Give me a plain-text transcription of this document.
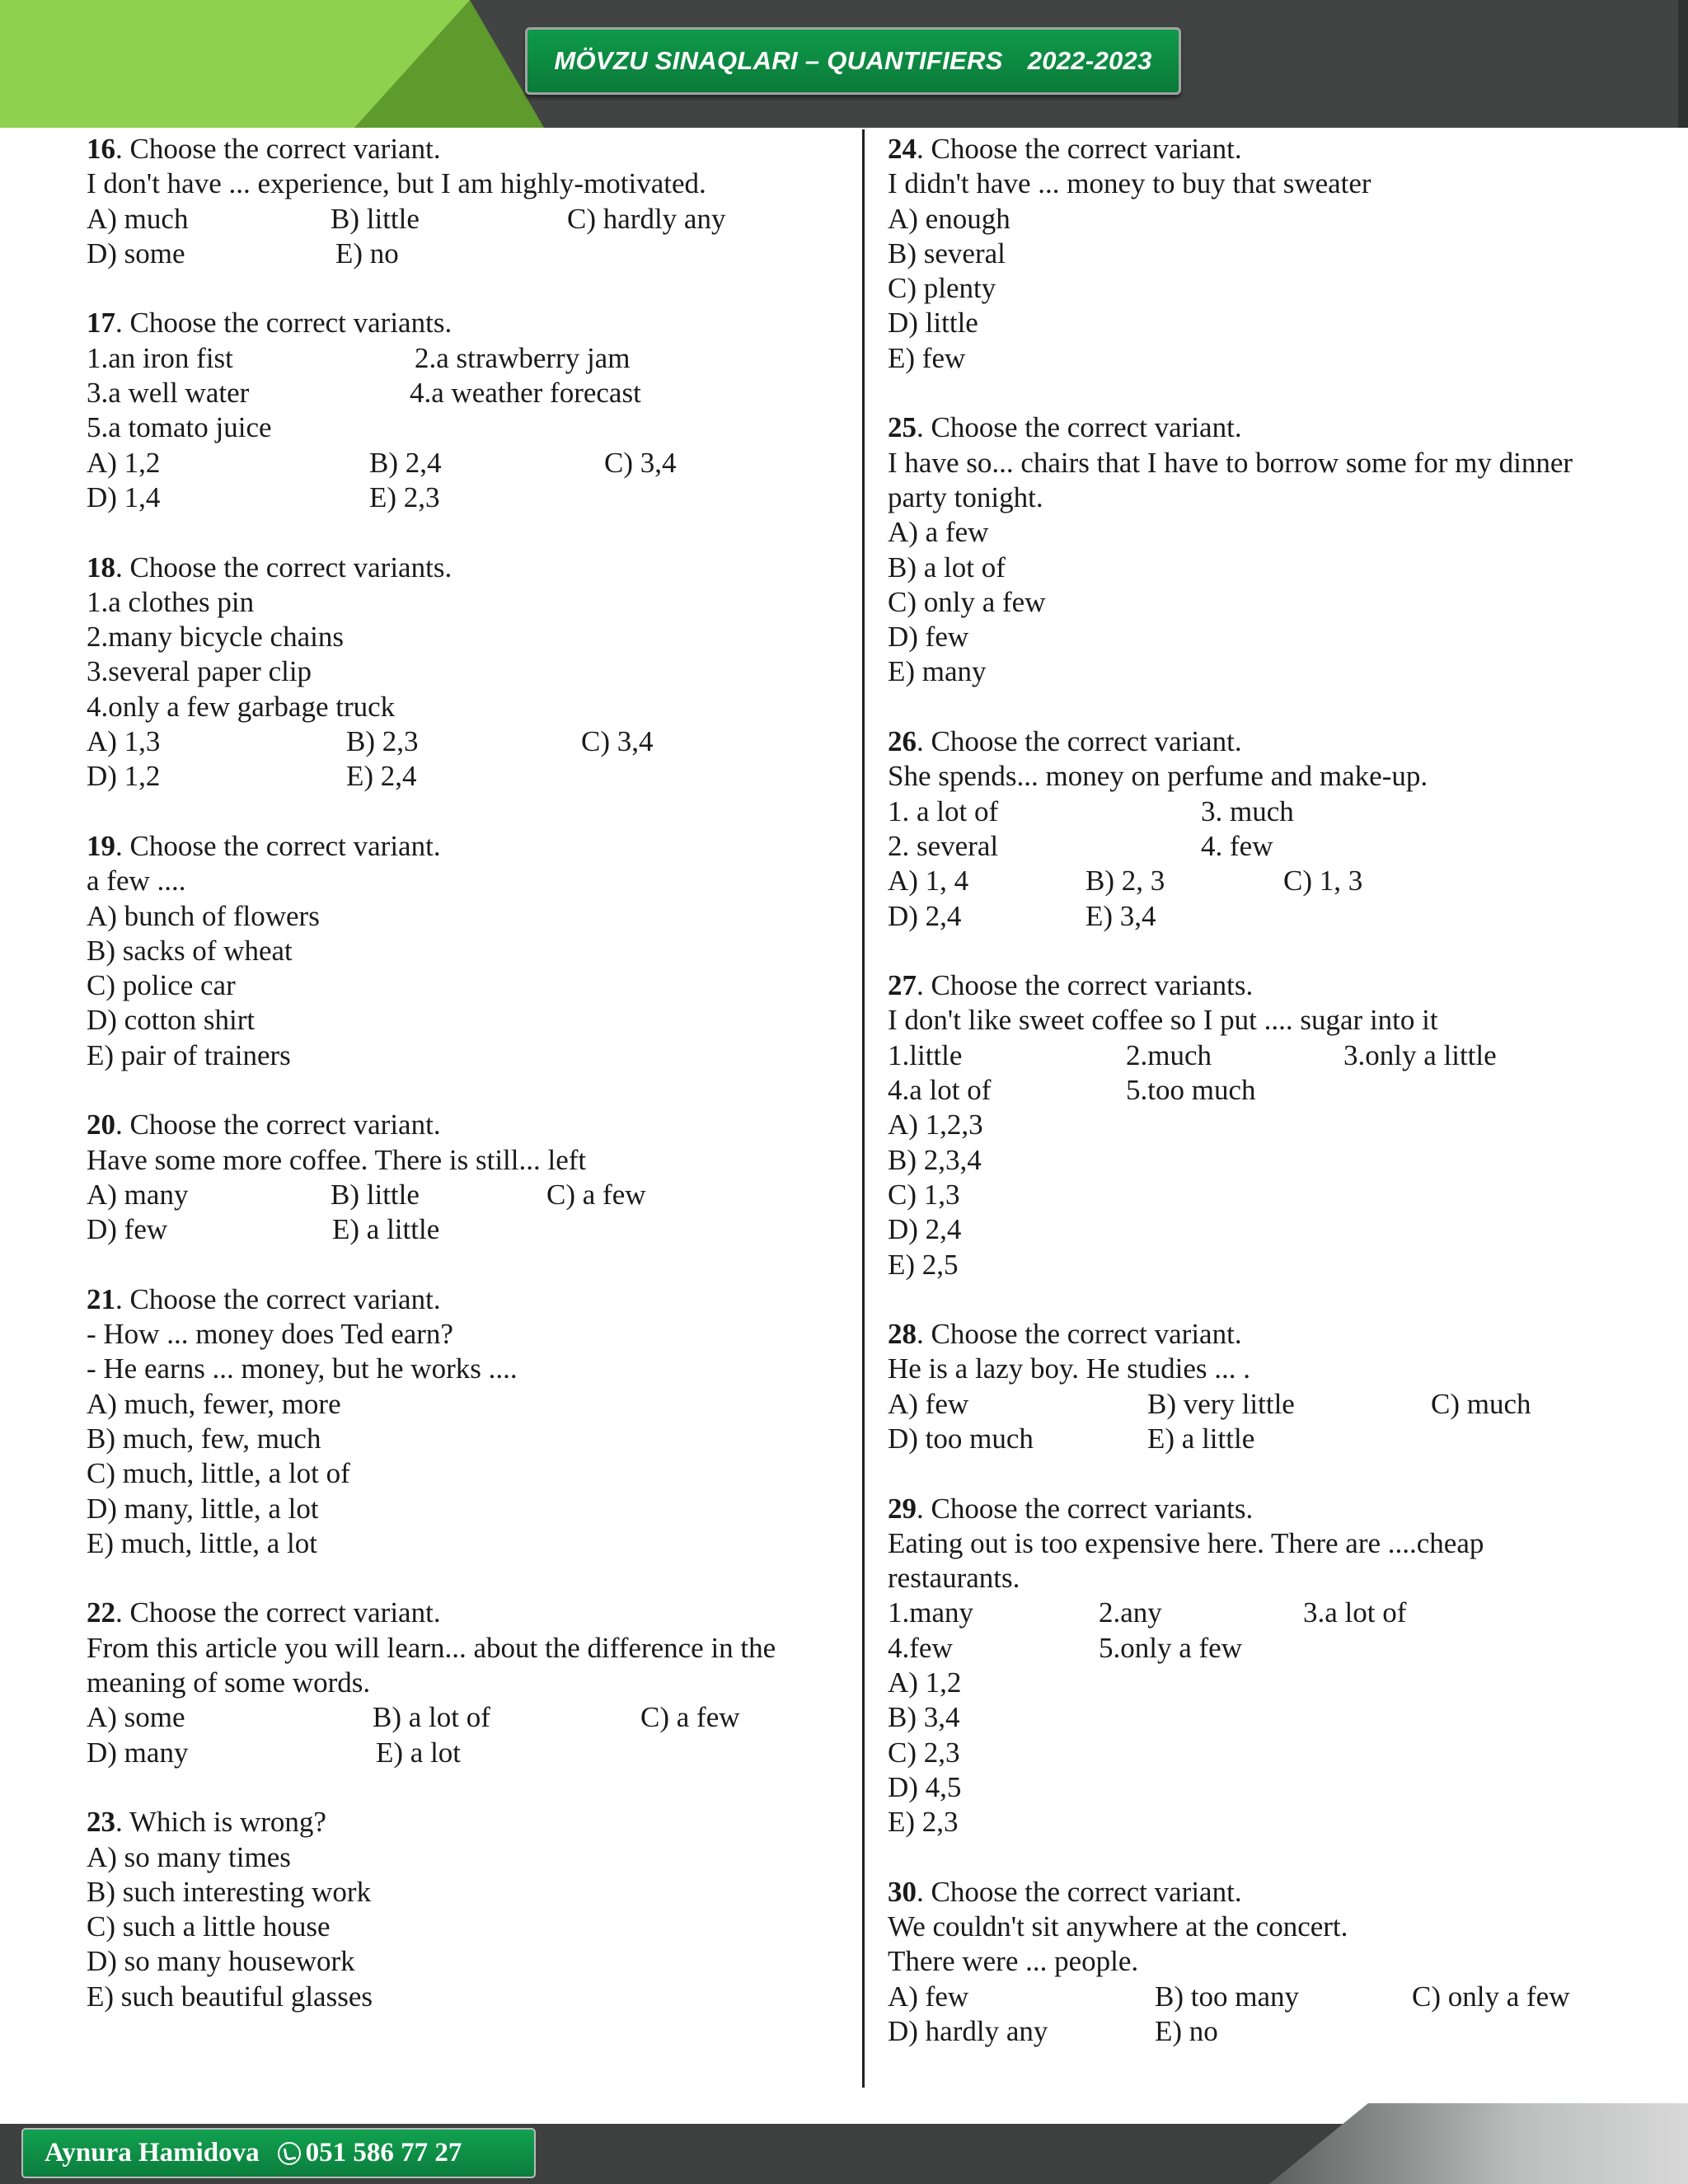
MÖVZU SINAQLARI – QUANTIFIERS 2022-2023
16. Choose the correct variant.
I don't have ... experience, but I am highly-motivated.
A) much	B) little	C) hardly any
D) some	E) no
17. Choose the correct variants.
1.an iron fist	2.a strawberry jam
3.a well water	4.a weather forecast
5.a tomato juice
A) 1,2	B) 2,4	C) 3,4
D) 1,4	E) 2,3
18. Choose the correct variants.
1.a clothes pin
2.many bicycle chains
3.several paper clip
4.only a few garbage truck
A) 1,3	B) 2,3	C) 3,4
D) 1,2	E) 2,4
19. Choose the correct variant.
a few ....
A) bunch of flowers
B) sacks of wheat
C) police car
D) cotton shirt
E) pair of trainers
20. Choose the correct variant.
Have some more coffee. There is still... left
A) many	B) little	C) a few
D) few	E) a little
21. Choose the correct variant.
- How ... money does Ted earn?
- He earns ... money, but he works ....
A) much, fewer, more
B) much, few, much
C) much, little, a lot of
D) many, little, a lot
E) much, little, a lot
22. Choose the correct variant.
From this article you will learn... about the difference in the meaning of some words.
A) some	B) a lot of	C) a few
D) many	E) a lot
23. Which is wrong?
A) so many times
B) such interesting work
C) such a little house
D) so many housework
E) such beautiful glasses
24. Choose the correct variant.
I didn't have ... money to buy that sweater
A) enough
B) several
C) plenty
D) little
E) few
25. Choose the correct variant.
I have so... chairs that I have to borrow some for my dinner party tonight.
A) a few
B) a lot of
C) only a few
D) few
E) many
26. Choose the correct variant.
She spends... money on perfume and make-up.
1. a lot of	3. much
2. several	4. few
A) 1, 4	B) 2, 3	C) 1, 3
D) 2,4	E) 3,4
27. Choose the correct variants.
I don't like sweet coffee so I put .... sugar into it
1.little	2.much	3.only a little
4.a lot of	5.too much
A) 1,2,3
B) 2,3,4
C) 1,3
D) 2,4
E) 2,5
28. Choose the correct variant.
He is a lazy boy. He studies ... .
A) few	B) very little	C) much
D) too much	E) a little
29. Choose the correct variants.
Eating out is too expensive here. There are ....cheap restaurants.
1.many	2.any	3.a lot of
4.few	5.only a few
A) 1,2
B) 3,4
C) 2,3
D) 4,5
E) 2,3
30. Choose the correct variant.
We couldn't sit anywhere at the concert.
There were ... people.
A) few	B) too many	C) only a few
D) hardly any	E) no
Aynura Hamidova 051 586 77 27
